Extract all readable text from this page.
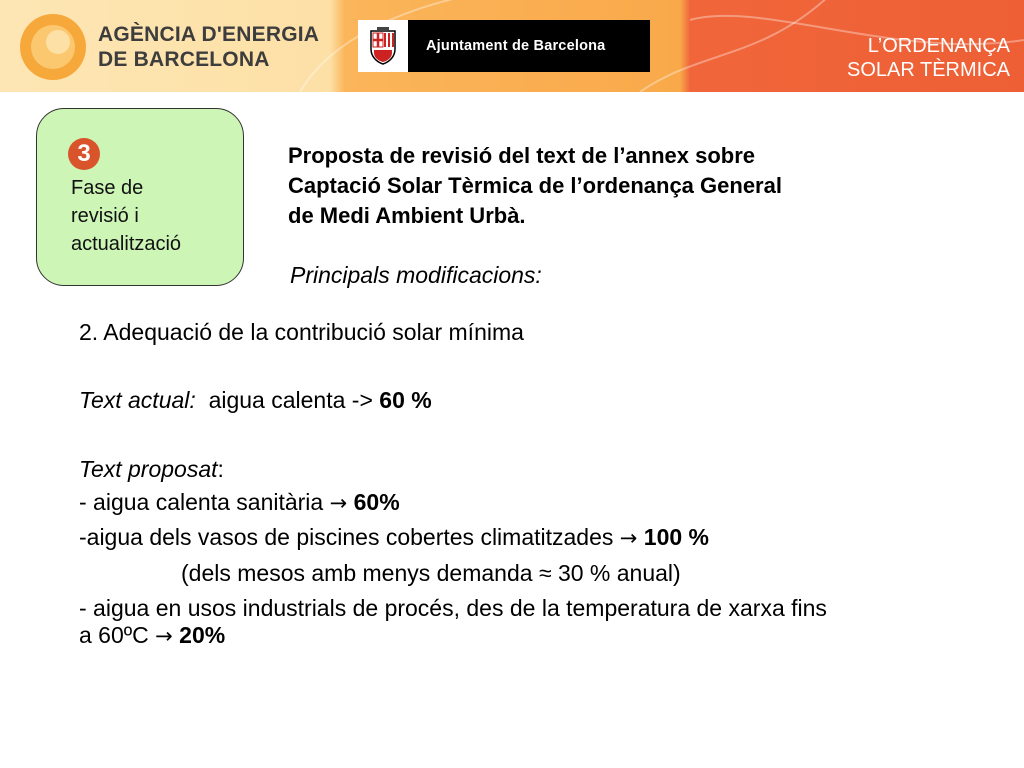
AGÈNCIA D'ENERGIA
DE BARCELONA
Ajuntament de Barcelona	L’ORDENANÇA
SOLAR TÈRMICA
3
Fase de
revisió i
actualització
Proposta de revisió del text de l’annex sobre
Captació Solar Tèrmica de l’ordenança General
de Medi Ambient Urbà.
Principals modificacions:
2. Adequació de la contribució solar mínima
Text actual: aigua calenta -> 60 %
Text proposat:
- aigua calenta sanitària → 60%
-aigua dels vasos de piscines cobertes climatitzades → 100 %
(dels mesos amb menys demanda ≈ 30 % anual)
- aigua en usos industrials de procés, des de la temperatura de xarxa fins
a 60ºC → 20%
